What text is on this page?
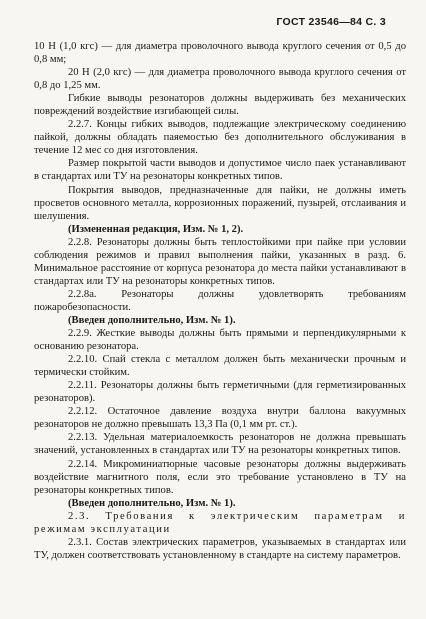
ГОСТ 23546—84 С. 3

10 Н (1,0 кгс) — для диаметра проволочного вывода круглого сечения от 0,5 до 0,8 мм;

20 Н (2,0 кгс) — для диаметра проволочного вывода круглого сечения от 0,8 до 1,25 мм.

Гибкие выводы резонаторов должны выдерживать без механических повреждений воздействие изгибающей силы.

2.2.7. Концы гибких выводов, подлежащие электрическому соединению пайкой, должны обладать паяемостью без дополнительного обслуживания в течение 12 мес со дня изготовления.

Размер покрытой части выводов и допустимое число паек устанавливают в стандартах или ТУ на резонаторы конкретных типов.

Покрытия выводов, предназначенные для пайки, не должны иметь просветов основного металла, коррозионных поражений, пузырей, отслаивания и шелушения.

(Измененная редакция, Изм. № 1, 2).

2.2.8. Резонаторы должны быть теплостойкими при пайке при условии соблюдения режимов и правил выполнения пайки, указанных в разд. 6. Минимальное расстояние от корпуса резонатора до места пайки устанавливают в стандартах или ТУ на резонаторы конкретных типов.

2.2.8а. Резонаторы должны удовлетворять требованиям пожаробезопасности.

(Введен дополнительно, Изм. № 1).

2.2.9. Жесткие выводы должны быть прямыми и перпендикулярными к основанию резонатора.

2.2.10. Спай стекла с металлом должен быть механически прочным и термически стойким.

2.2.11. Резонаторы должны быть герметичными (для герметизированных резонаторов).

2.2.12. Остаточное давление воздуха внутри баллона вакуумных резонаторов не должно превышать 13,3 Па (0,1 мм рт. ст.).

2.2.13. Удельная материалоемкость резонаторов не должна превышать значений, установленных в стандартах или ТУ на резонаторы конкретных типов.

2.2.14. Микроминиатюрные часовые резонаторы должны выдерживать воздействие магнитного поля, если это требование установлено в ТУ на резонаторы конкретных типов.

(Введен дополнительно, Изм. № 1).

2.3. Требования к электрическим параметрам и режимам эксплуатации

2.3.1. Состав электрических параметров, указываемых в стандартах или ТУ, должен соответствовать установленному в стандарте на систему параметров.
